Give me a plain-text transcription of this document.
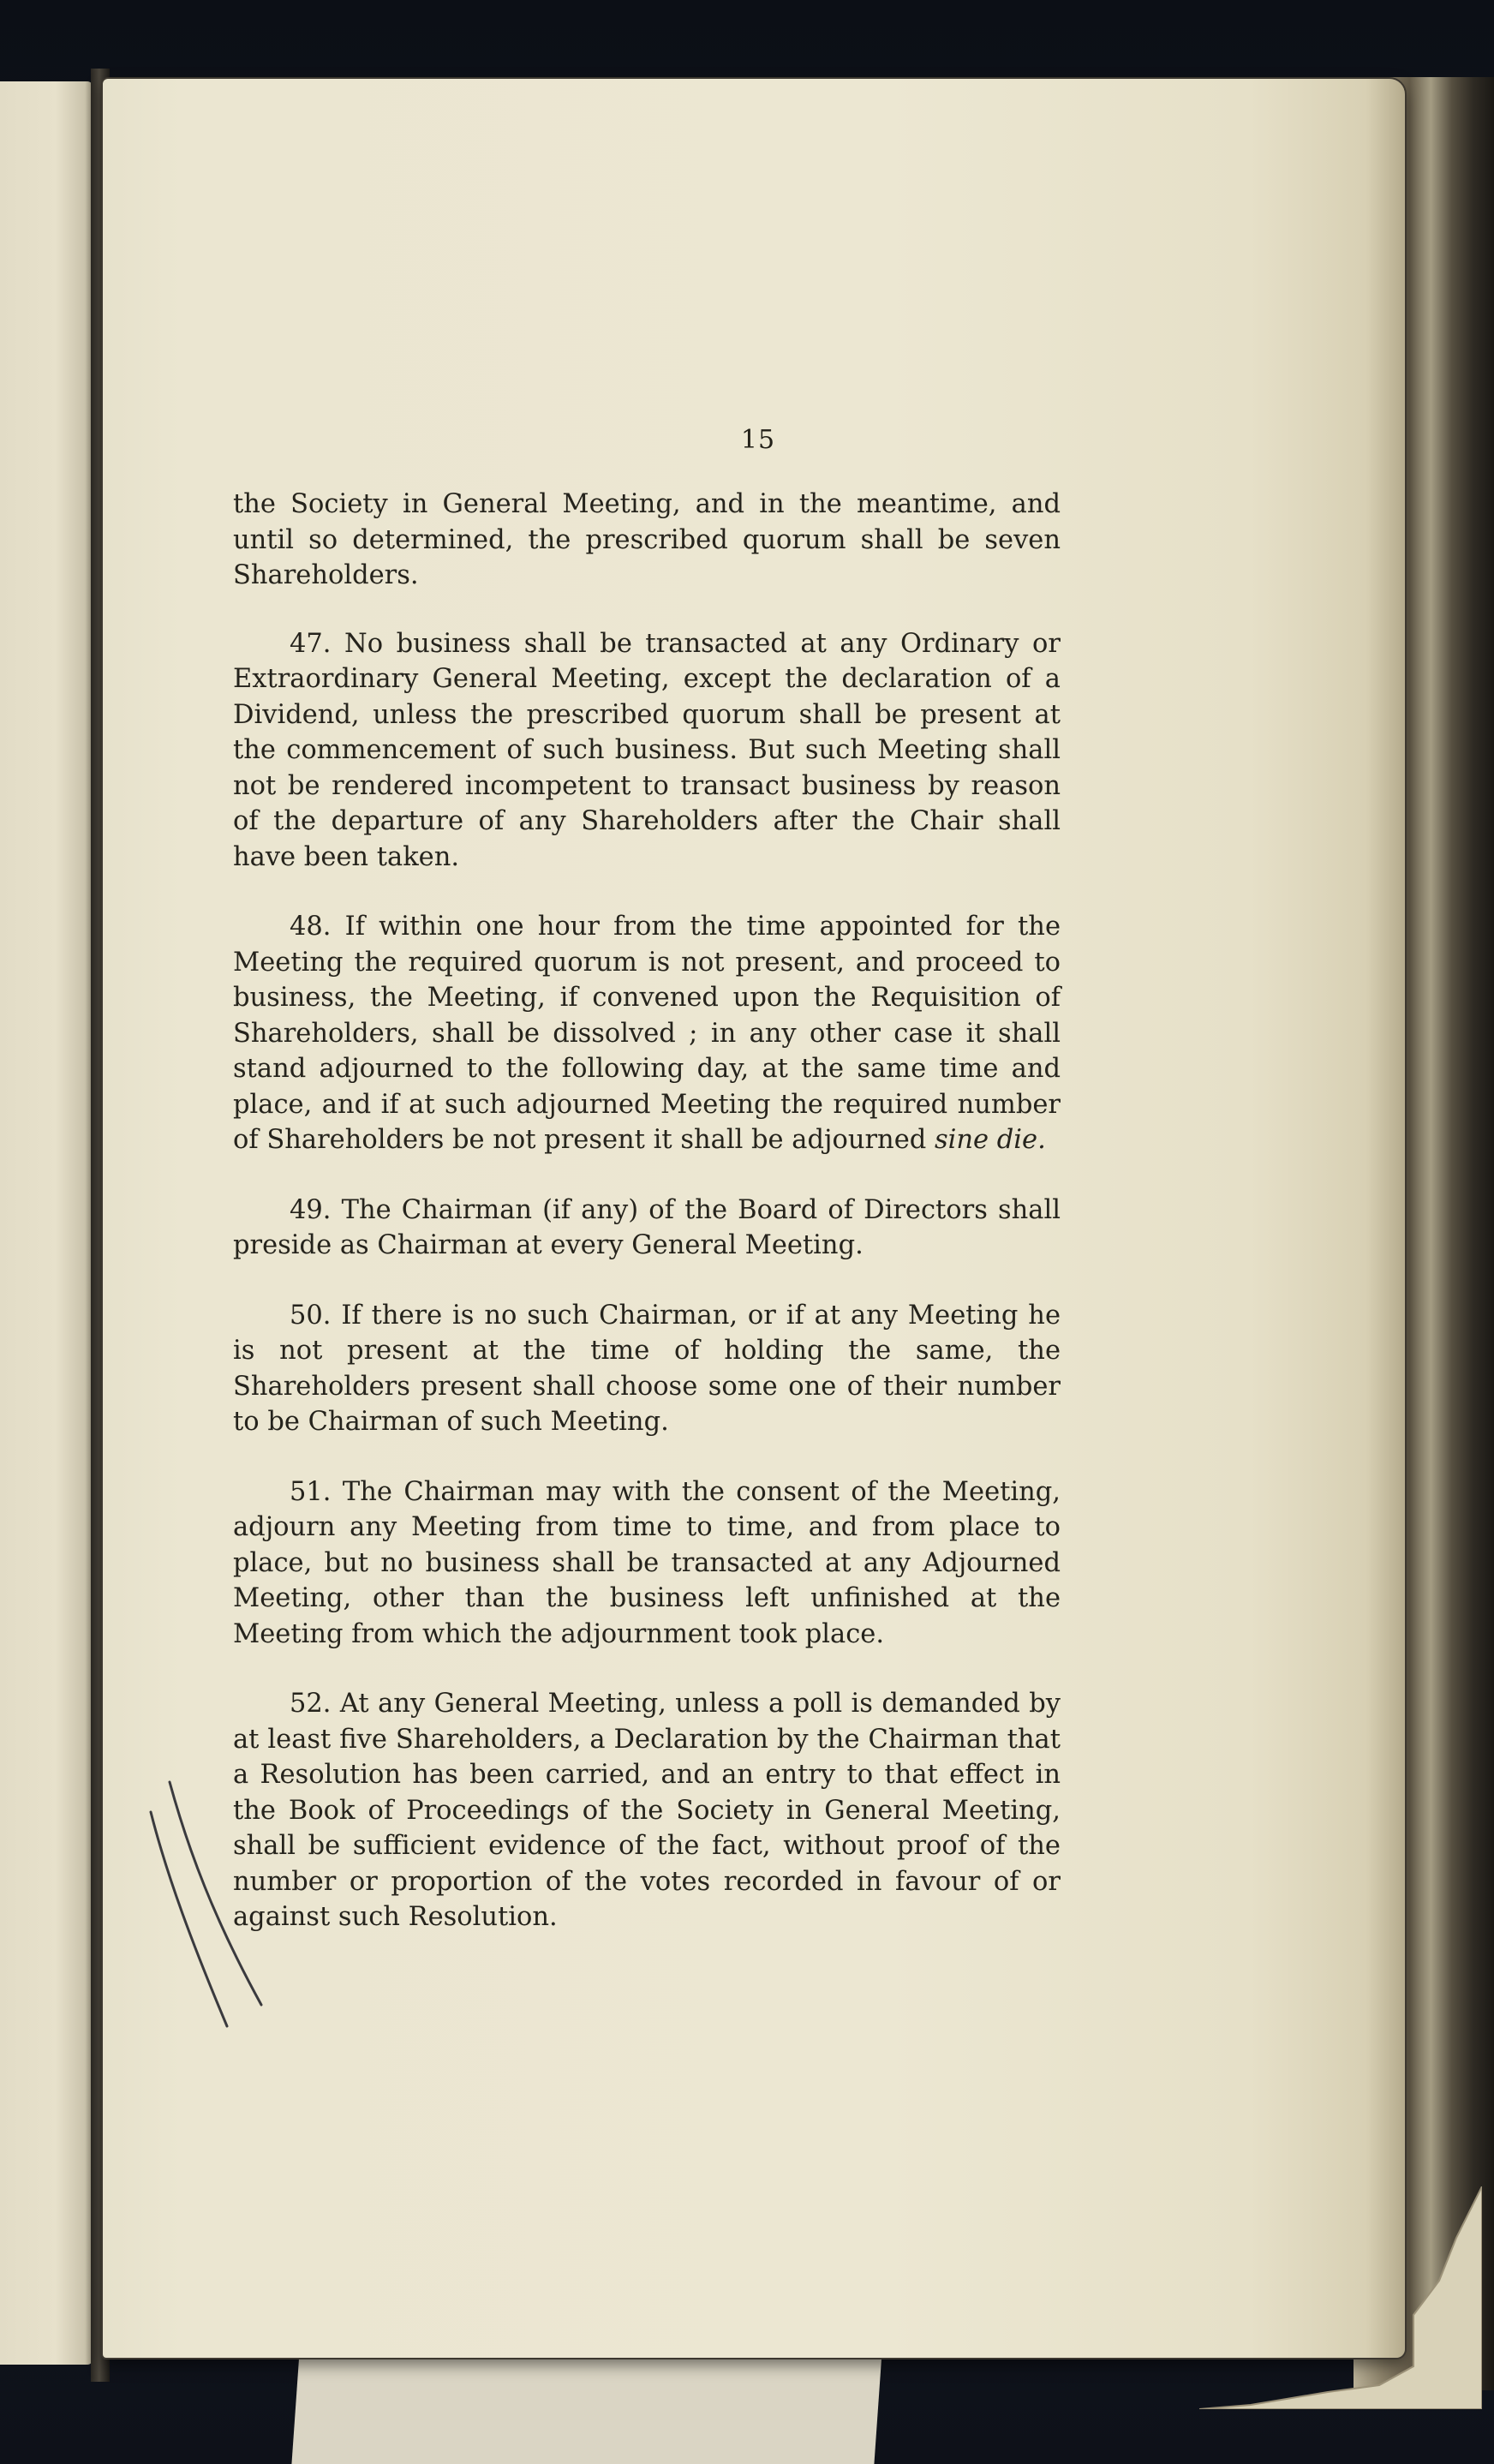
15

the Society in General Meeting, and in the meantime, and until so determined, the prescribed quorum shall be seven Shareholders.

47. No business shall be transacted at any Ordinary or Extraordinary General Meeting, except the declaration of a Dividend, unless the prescribed quorum shall be present at the commencement of such business. But such Meeting shall not be rendered incompetent to transact business by reason of the departure of any Shareholders after the Chair shall have been taken.

48. If within one hour from the time appointed for the Meeting the required quorum is not present, and proceed to business, the Meeting, if convened upon the Requisition of Shareholders, shall be dissolved ; in any other case it shall stand adjourned to the following day, at the same time and place, and if at such adjourned Meeting the required number of Shareholders be not present it shall be adjourned sine die.

49. The Chairman (if any) of the Board of Directors shall preside as Chairman at every General Meeting.

50. If there is no such Chairman, or if at any Meeting he is not present at the time of holding the same, the Shareholders present shall choose some one of their number to be Chairman of such Meeting.

51. The Chairman may with the consent of the Meeting, adjourn any Meeting from time to time, and from place to place, but no business shall be transacted at any Adjourned Meeting, other than the business left unfinished at the Meeting from which the adjournment took place.

52. At any General Meeting, unless a poll is demanded by at least five Shareholders, a Declaration by the Chairman that a Resolution has been carried, and an entry to that effect in the Book of Proceedings of the Society in General Meeting, shall be sufficient evidence of the fact, without proof of the number or proportion of the votes recorded in favour of or against such Resolution.
